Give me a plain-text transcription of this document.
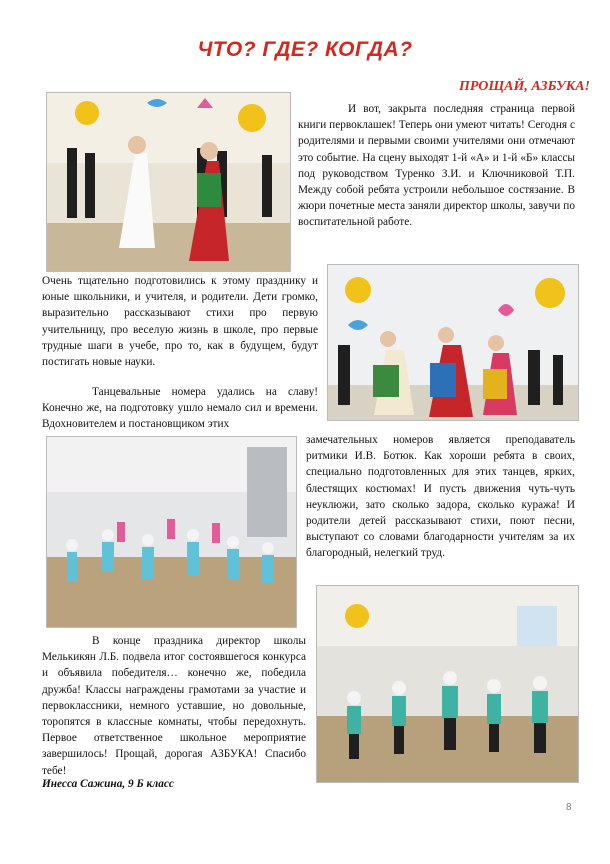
ЧТО? ГДЕ? КОГДА?
ПРОЩАЙ, АЗБУКА!
И вот, закрыта последняя страница первой книги первоклашек! Теперь они умеют читать! Сегодня с родителями и первыми своими учителями они отмечают это событие. На сцену выходят 1-й «А» и 1-й «Б» классы под руководством Туренко З.И. и Ключниковой Т.П. Между собой ребята устроили небольшое состязание. В жюри почетные места заняли директор школы, завучи по воспитательной работе.
Очень тщательно подготовились к этому празднику и юные школьники, и учителя, и родители. Дети громко, выразительно рассказывают стихи про первую учительницу, про веселую жизнь в школе, про первые трудные шаги в учебе, про то, как в будущем, будут постигать новые науки.
Танцевальные номера удались на славу! Конечно же, на подготовку ушло немало сил и времени. Вдохновителем и постановщиком этих
замечательных номеров является преподаватель ритмики И.В. Ботюк. Как хороши ребята в своих, специально подготовленных для этих танцев, ярких, блестящих костюмах! И пусть движения чуть-чуть неуклюжи, зато сколько задора, сколько куража! И родители детей рассказывают стихи, поют песни, выступают со словами благодарности учителям за их благородный, нелегкий труд.
В конце праздника директор школы Мелькикян Л.Б. подвела итог состоявшегося конкурса и объявила победителя… конечно же, победила дружба! Классы награждены грамотами за участие и первоклассники, немного уставшие, но довольные, торопятся в классные комнаты, чтобы передохнуть. Первое ответственное школьное мероприятие завершилось! Прощай, дорогая АЗБУКА! Спасибо тебе!
Инесса Сажина, 9 Б класс
8
